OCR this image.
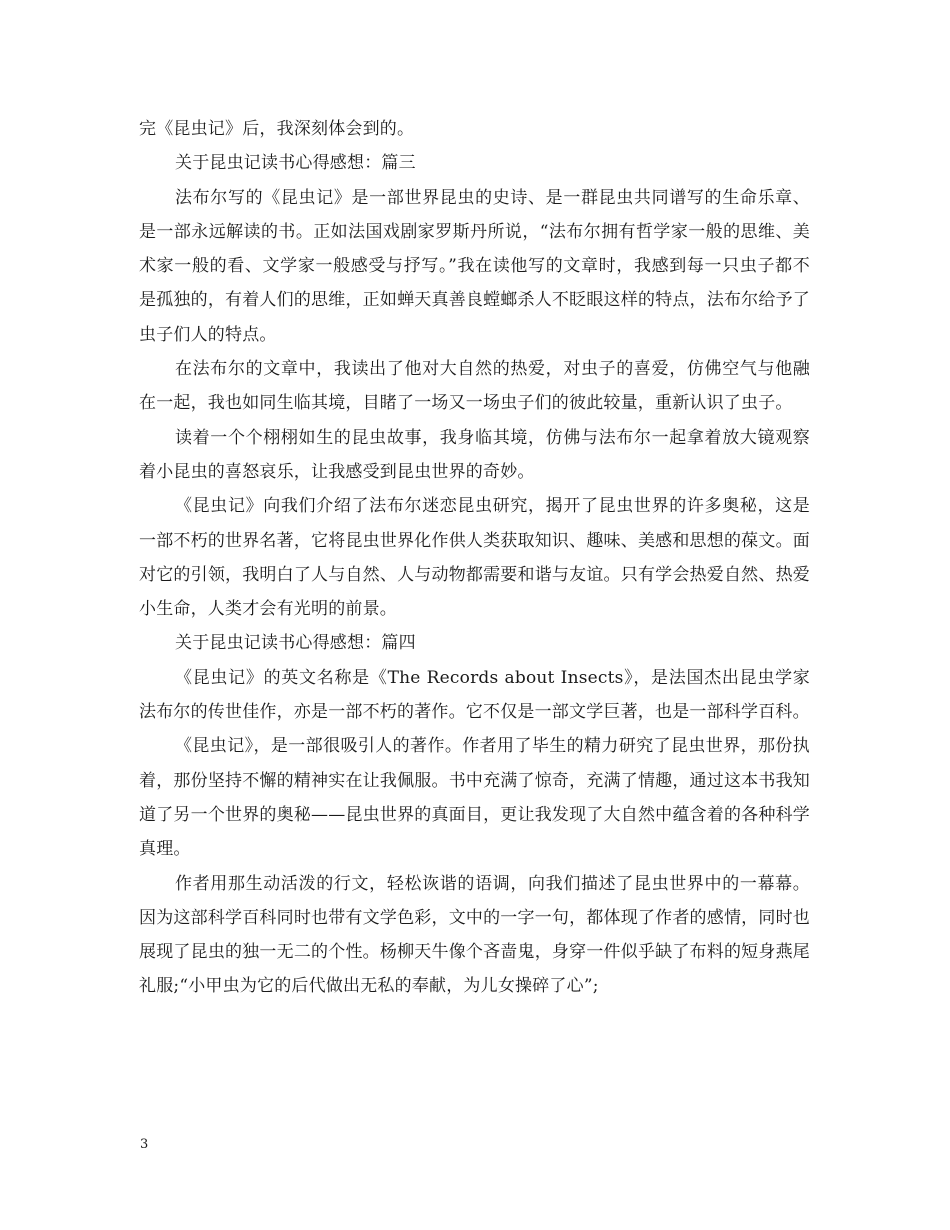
完《昆虫记》后，我深刻体会到的。

关于昆虫记读书心得感想：篇三

法布尔写的《昆虫记》是一部世界昆虫的史诗、是一群昆虫共同谱写的生命乐章、是一部永远解读的书。正如法国戏剧家罗斯丹所说，“法布尔拥有哲学家一般的思维、美术家一般的看、文学家一般感受与抒写。”我在读他写的文章时，我感到每一只虫子都不是孤独的，有着人们的思维，正如蝉天真善良螳螂杀人不眨眼这样的特点，法布尔给予了虫子们人的特点。

在法布尔的文章中，我读出了他对大自然的热爱，对虫子的喜爱，仿佛空气与他融在一起，我也如同生临其境，目睹了一场又一场虫子们的彼此较量，重新认识了虫子。

读着一个个栩栩如生的昆虫故事，我身临其境，仿佛与法布尔一起拿着放大镜观察着小昆虫的喜怒哀乐，让我感受到昆虫世界的奇妙。

《昆虫记》向我们介绍了法布尔迷恋昆虫研究，揭开了昆虫世界的许多奥秘，这是一部不朽的世界名著，它将昆虫世界化作供人类获取知识、趣味、美感和思想的葆文。面对它的引领，我明白了人与自然、人与动物都需要和谐与友谊。只有学会热爱自然、热爱小生命，人类才会有光明的前景。

关于昆虫记读书心得感想：篇四

《昆虫记》的英文名称是《The Records about Insects》，是法国杰出昆虫学家法布尔的传世佳作，亦是一部不朽的著作。它不仅是一部文学巨著，也是一部科学百科。

《昆虫记》，是一部很吸引人的著作。作者用了毕生的精力研究了昆虫世界，那份执着，那份坚持不懈的精神实在让我佩服。书中充满了惊奇，充满了情趣，通过这本书我知道了另一个世界的奥秘——昆虫世界的真面目，更让我发现了大自然中蕴含着的各种科学真理。

作者用那生动活泼的行文，轻松诙谐的语调，向我们描述了昆虫世界中的一幕幕。因为这部科学百科同时也带有文学色彩，文中的一字一句，都体现了作者的感情，同时也展现了昆虫的独一无二的个性。杨柳天牛像个吝啬鬼，身穿一件似乎缺了布料的短身燕尾礼服;“小甲虫为它的后代做出无私的奉献，为儿女操碎了心”;

3
